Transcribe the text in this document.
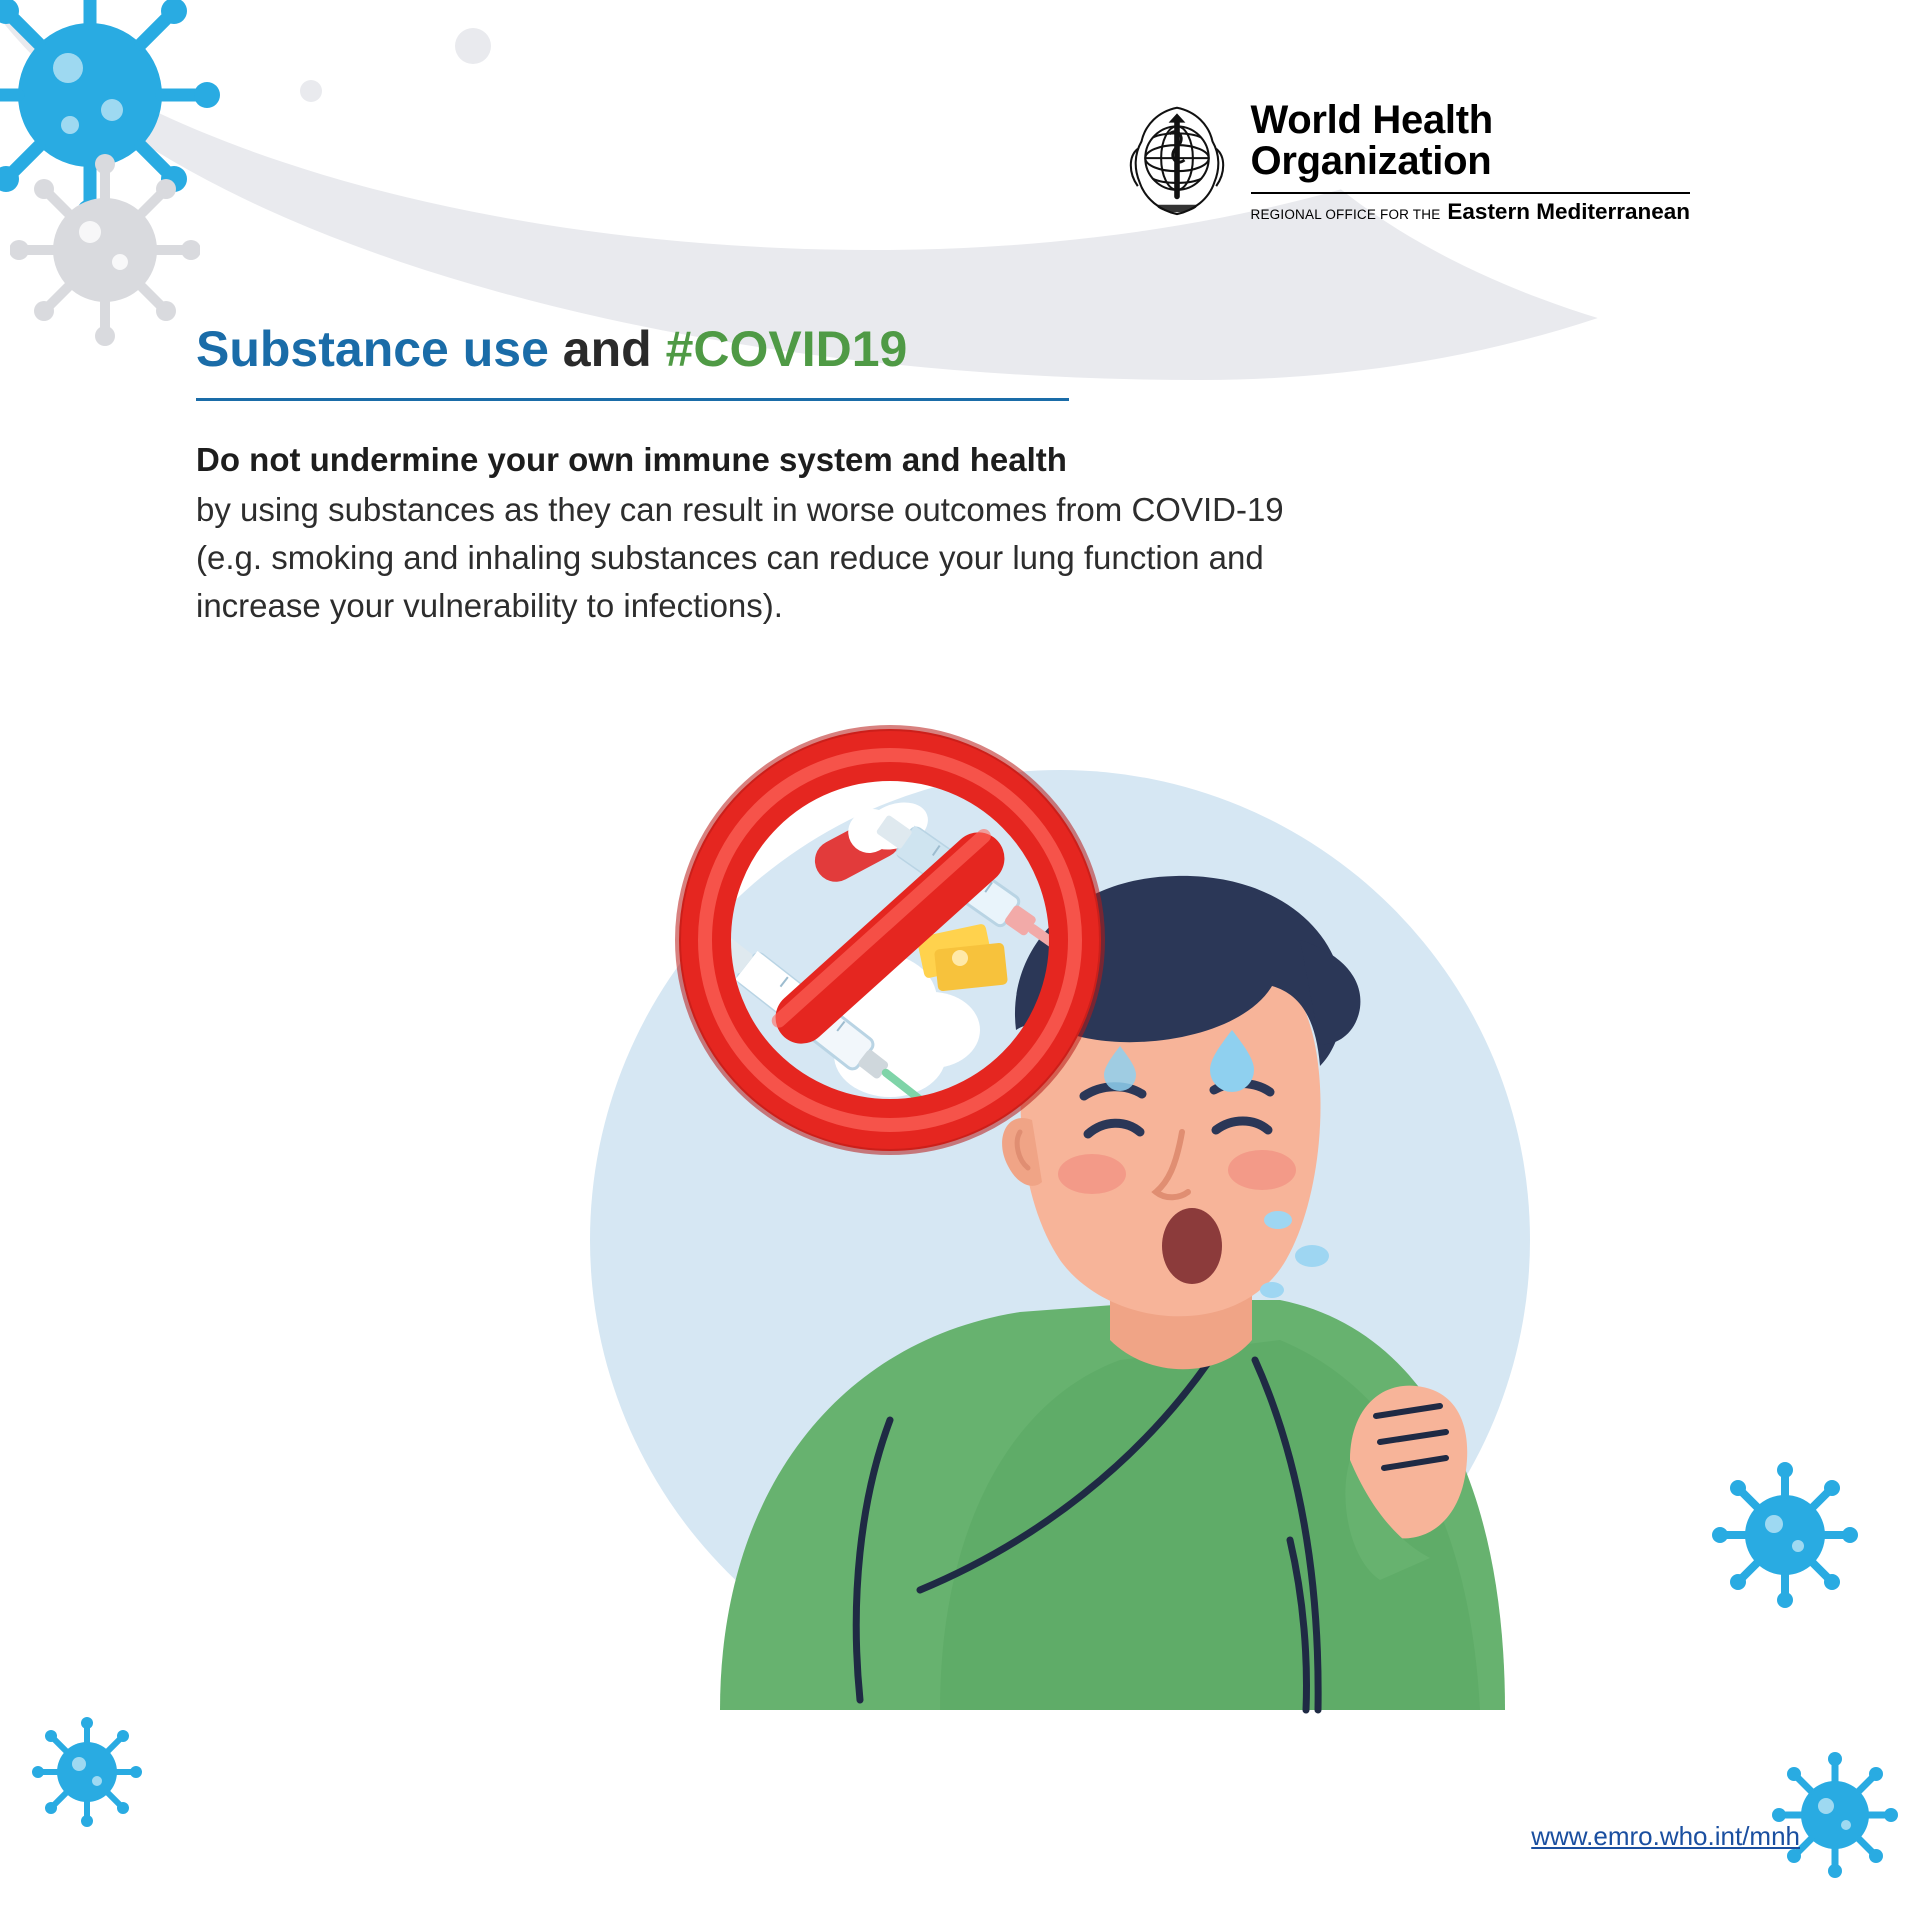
World Health
Organization
REGIONAL OFFICE FOR THE Eastern Mediterranean
Substance use and #COVID19
Do not undermine your own immune system and health
by using substances as they can result in worse outcomes from COVID-19 (e.g. smoking and inhaling substances can reduce your lung function and increase your vulnerability to infections).
www.emro.who.int/mnh
